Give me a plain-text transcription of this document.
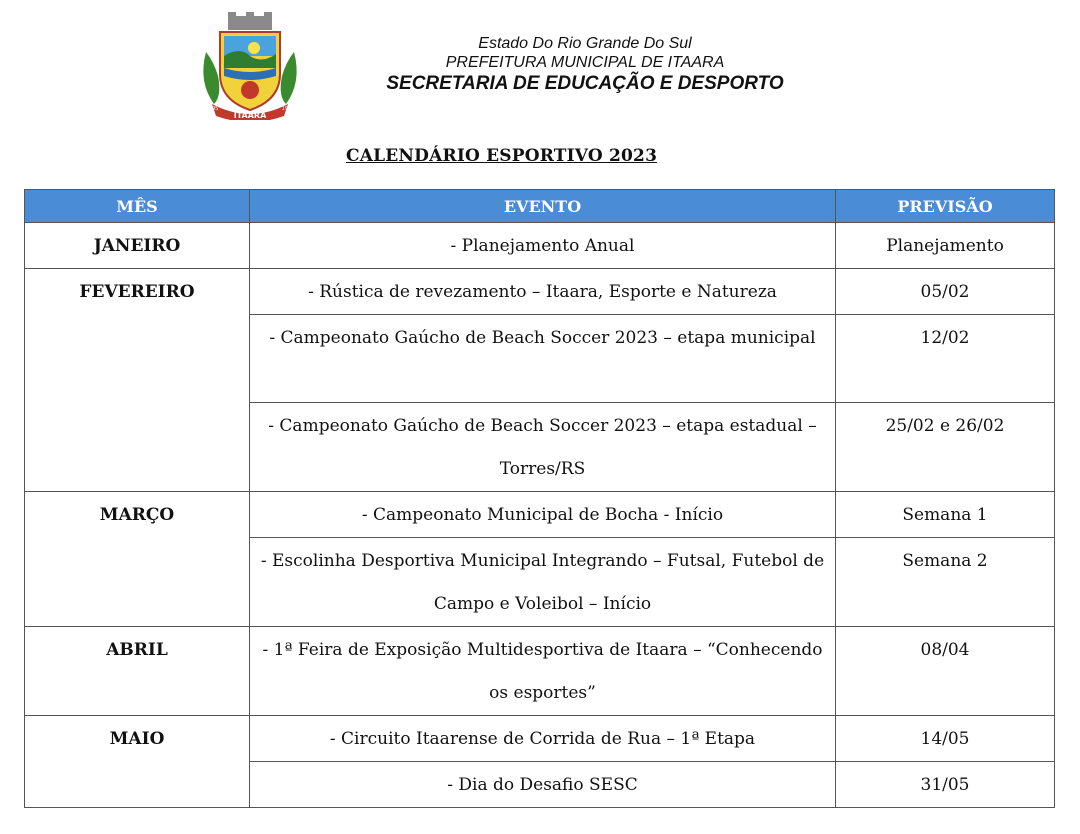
ITAARA
1995	1996
Estado Do Rio Grande Do Sul
PREFEITURA MUNICIPAL DE ITAARA
SECRETARIA DE EDUCAÇÃO E DESPORTO
CALENDÁRIO ESPORTIVO 2023
MÊS	EVENTO	PREVISÃO
JANEIRO	- Planejamento Anual	Planejamento
FEVEREIRO	- Rústica de revezamento – Itaara, Esporte e Natureza	05/02
	- Campeonato Gaúcho de Beach Soccer 2023 – etapa municipal	12/02
	- Campeonato Gaúcho de Beach Soccer 2023 – etapa estadual – Torres/RS	25/02 e 26/02
MARÇO	- Campeonato Municipal de Bocha - Início	Semana 1
	- Escolinha Desportiva Municipal Integrando – Futsal, Futebol de Campo e Voleibol – Início	Semana 2
ABRIL	- 1ª Feira de Exposição Multidesportiva de Itaara – “Conhecendo os esportes”	08/04
MAIO	- Circuito Itaarense de Corrida de Rua – 1ª Etapa	14/05
	- Dia do Desafio SESC	31/05
